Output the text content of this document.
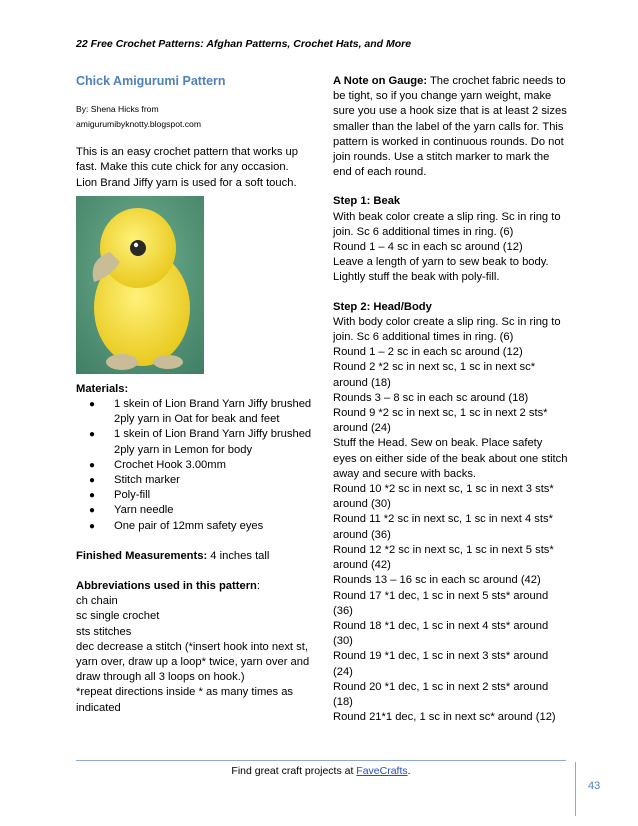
22 Free Crochet Patterns: Afghan Patterns, Crochet Hats, and More
Chick Amigurumi Pattern
By: Shena Hicks from
amigurumibyknotty.blogspot.com

This is an easy crochet pattern that works up fast. Make this cute chick for any occasion. Lion Brand Jiffy yarn is used for a soft touch.

Materials:
● 1 skein of Lion Brand Yarn Jiffy brushed 2ply yarn in Oat for beak and feet
● 1 skein of Lion Brand Yarn Jiffy brushed 2ply yarn in Lemon for body
● Crochet Hook 3.00mm
● Stitch marker
● Poly-fill
● Yarn needle
● One pair of 12mm safety eyes
Finished Measurements: 4 inches tall
Abbreviations used in this pattern:
ch chain
sc single crochet
sts stitches
dec decrease a stitch (*insert hook into next st, yarn over, draw up a loop* twice, yarn over and draw through all 3 loops on hook.)
*repeat directions inside * as many times as indicated

A Note on Gauge: The crochet fabric needs to be tight, so if you change yarn weight, make sure you use a hook size that is at least 2 sizes smaller than the label of the yarn calls for. This pattern is worked in continuous rounds. Do not join rounds. Use a stitch marker to mark the end of each round.

Step 1: Beak
With beak color create a slip ring. Sc in ring to join. Sc 6 additional times in ring. (6)
Round 1 – 4 sc in each sc around (12)
Leave a length of yarn to sew beak to body. Lightly stuff the beak with poly-fill.
Step 2: Head/Body
With body color create a slip ring. Sc in ring to join. Sc 6 additional times in ring. (6)
Round 1 – 2 sc in each sc around (12)
Round 2 *2 sc in next sc, 1 sc in next sc* around (18)
Rounds 3 – 8 sc in each sc around (18)
Round 9 *2 sc in next sc, 1 sc in next 2 sts* around (24)
Stuff the Head. Sew on beak. Place safety eyes on either side of the beak about one stitch away and secure with backs.
Round 10 *2 sc in next sc, 1 sc in next 3 sts* around (30)
Round 11 *2 sc in next sc, 1 sc in next 4 sts* around (36)
Round 12 *2 sc in next sc, 1 sc in next 5 sts* around (42)
Rounds 13 – 16 sc in each sc around (42)
Round 17 *1 dec, 1 sc in next 5 sts* around (36)
Round 18 *1 dec, 1 sc in next 4 sts* around (30)
Round 19 *1 dec, 1 sc in next 3 sts* around (24)
Round 20 *1 dec, 1 sc in next 2 sts* around (18)
Round 21*1 dec, 1 sc in next sc* around (12)
Find great craft projects at FaveCrafts.
43
